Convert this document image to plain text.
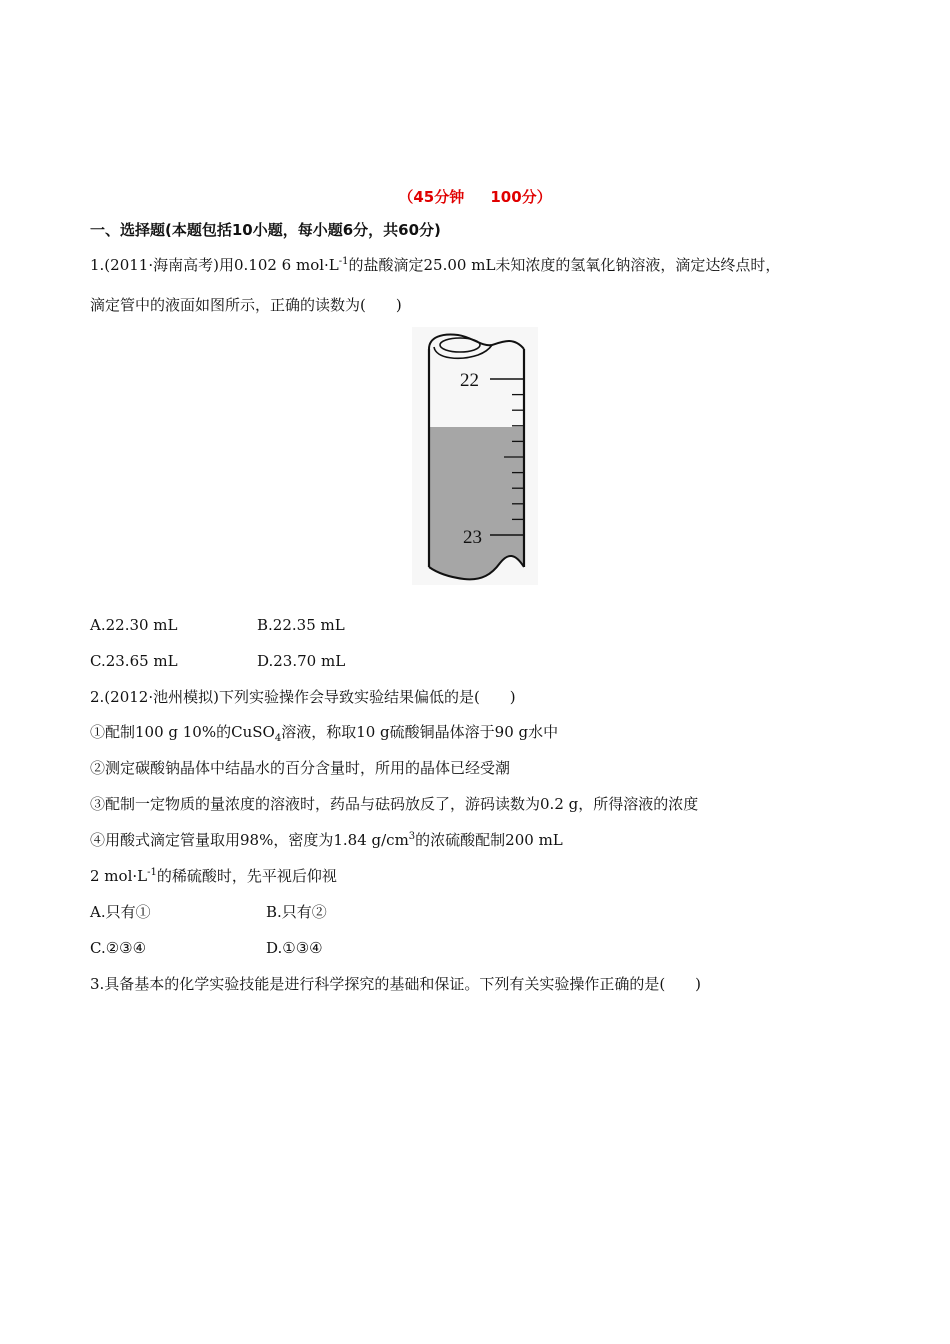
（45分钟     100分）
一、选择题(本题包括10小题，每小题6分，共60分)
1.(2011·海南高考)用0.102 6 $mol\cdot L^{-1}$的盐酸滴定25.00 mL未知浓度的氢氧化钠溶液，滴定达终点时，
滴定管中的液面如图所示，正确的读数为(　　)
22
23
A.22.30 mL	B.22.35 mL
C.23.65 mL	D.23.70 mL
2.(2012·池州模拟)下列实验操作会导致实验结果偏低的是(　　)
①配制100 g 10%的CuSO$_4$溶液，称取10 g硫酸铜晶体溶于90 g水中
②测定碳酸钠晶体中结晶水的百分含量时，所用的晶体已经受潮
③配制一定物质的量浓度的溶液时，药品与砝码放反了，游码读数为0.2 g，所得溶液的浓度
④用酸式滴定管量取用98%，密度为1.84 $g/cm^3$的浓硫酸配制200 mL
2 $mol\cdot L^{-1}$的稀硫酸时，先平视后仰视
A.只有①	B.只有②
C.②③④	D.①③④
3.具备基本的化学实验技能是进行科学探究的基础和保证。下列有关实验操作正确的是(　　)
